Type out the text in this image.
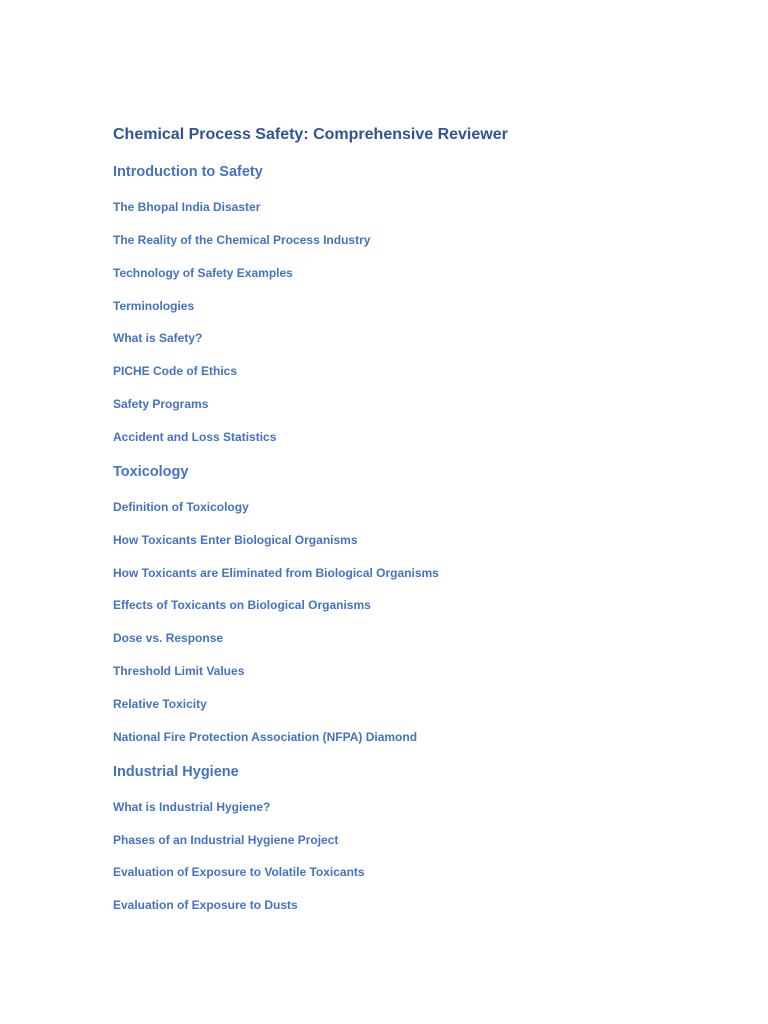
Chemical Process Safety: Comprehensive Reviewer
Introduction to Safety

The Bhopal India Disaster

The Reality of the Chemical Process Industry

Technology of Safety Examples

Terminologies

What is Safety?

PICHE Code of Ethics

Safety Programs

Accident and Loss Statistics

Toxicology

Definition of Toxicology

How Toxicants Enter Biological Organisms

How Toxicants are Eliminated from Biological Organisms

Effects of Toxicants on Biological Organisms

Dose vs. Response

Threshold Limit Values

Relative Toxicity

National Fire Protection Association (NFPA) Diamond

Industrial Hygiene

What is Industrial Hygiene?

Phases of an Industrial Hygiene Project

Evaluation of Exposure to Volatile Toxicants

Evaluation of Exposure to Dusts
